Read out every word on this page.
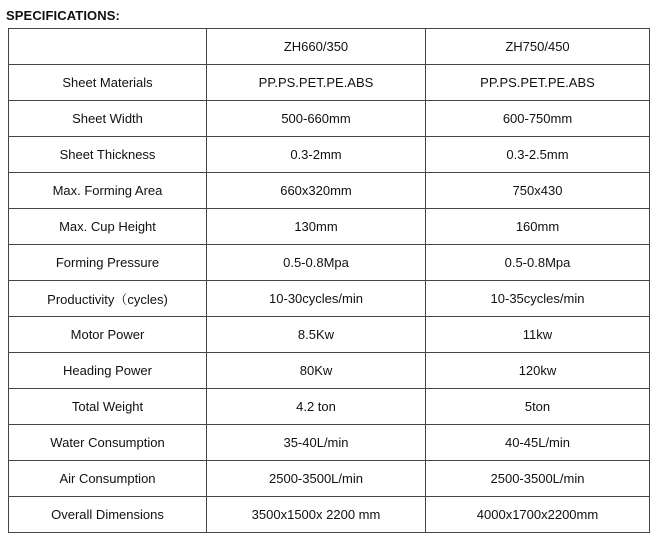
SPECIFICATIONS:
	ZH660/350	ZH750/450
Sheet Materials	PP.PS.PET.PE.ABS	PP.PS.PET.PE.ABS
Sheet Width	500-660mm	600-750mm
Sheet Thickness	0.3-2mm	0.3-2.5mm
Max. Forming Area	660x320mm	750x430
Max. Cup Height	130mm	160mm
Forming Pressure	0.5-0.8Mpa	0.5-0.8Mpa
Productivity（cycles)	10-30cycles/min	10-35cycles/min
Motor Power	8.5Kw	11kw
Heading Power	80Kw	120kw
Total Weight	4.2 ton	5ton
Water Consumption	35-40L/min	40-45L/min
Air Consumption	2500-3500L/min	2500-3500L/min
Overall Dimensions	3500x1500x 2200 mm	4000x1700x2200mm
